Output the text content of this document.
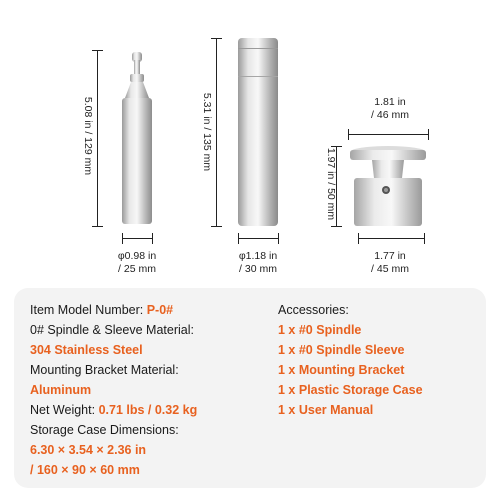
5.08 in / 129 mm
φ0.98 in
/ 25 mm
5.31 in / 135 mm
φ1.18 in
/ 30 mm
1.81 in
/ 46 mm
1.97 in / 50 mm
1.77 in
/ 45 mm
Item Model Number: P-0#
0# Spindle & Sleeve Material:
304 Stainless Steel
Mounting Bracket Material:
Aluminum
Net Weight: 0.71 lbs / 0.32 kg
Storage Case Dimensions:
6.30 × 3.54 × 2.36 in
/ 160 × 90 × 60 mm
Accessories:
1 x #0 Spindle
1 x #0 Spindle Sleeve
1 x Mounting Bracket
1 x Plastic Storage Case
1 x User Manual
